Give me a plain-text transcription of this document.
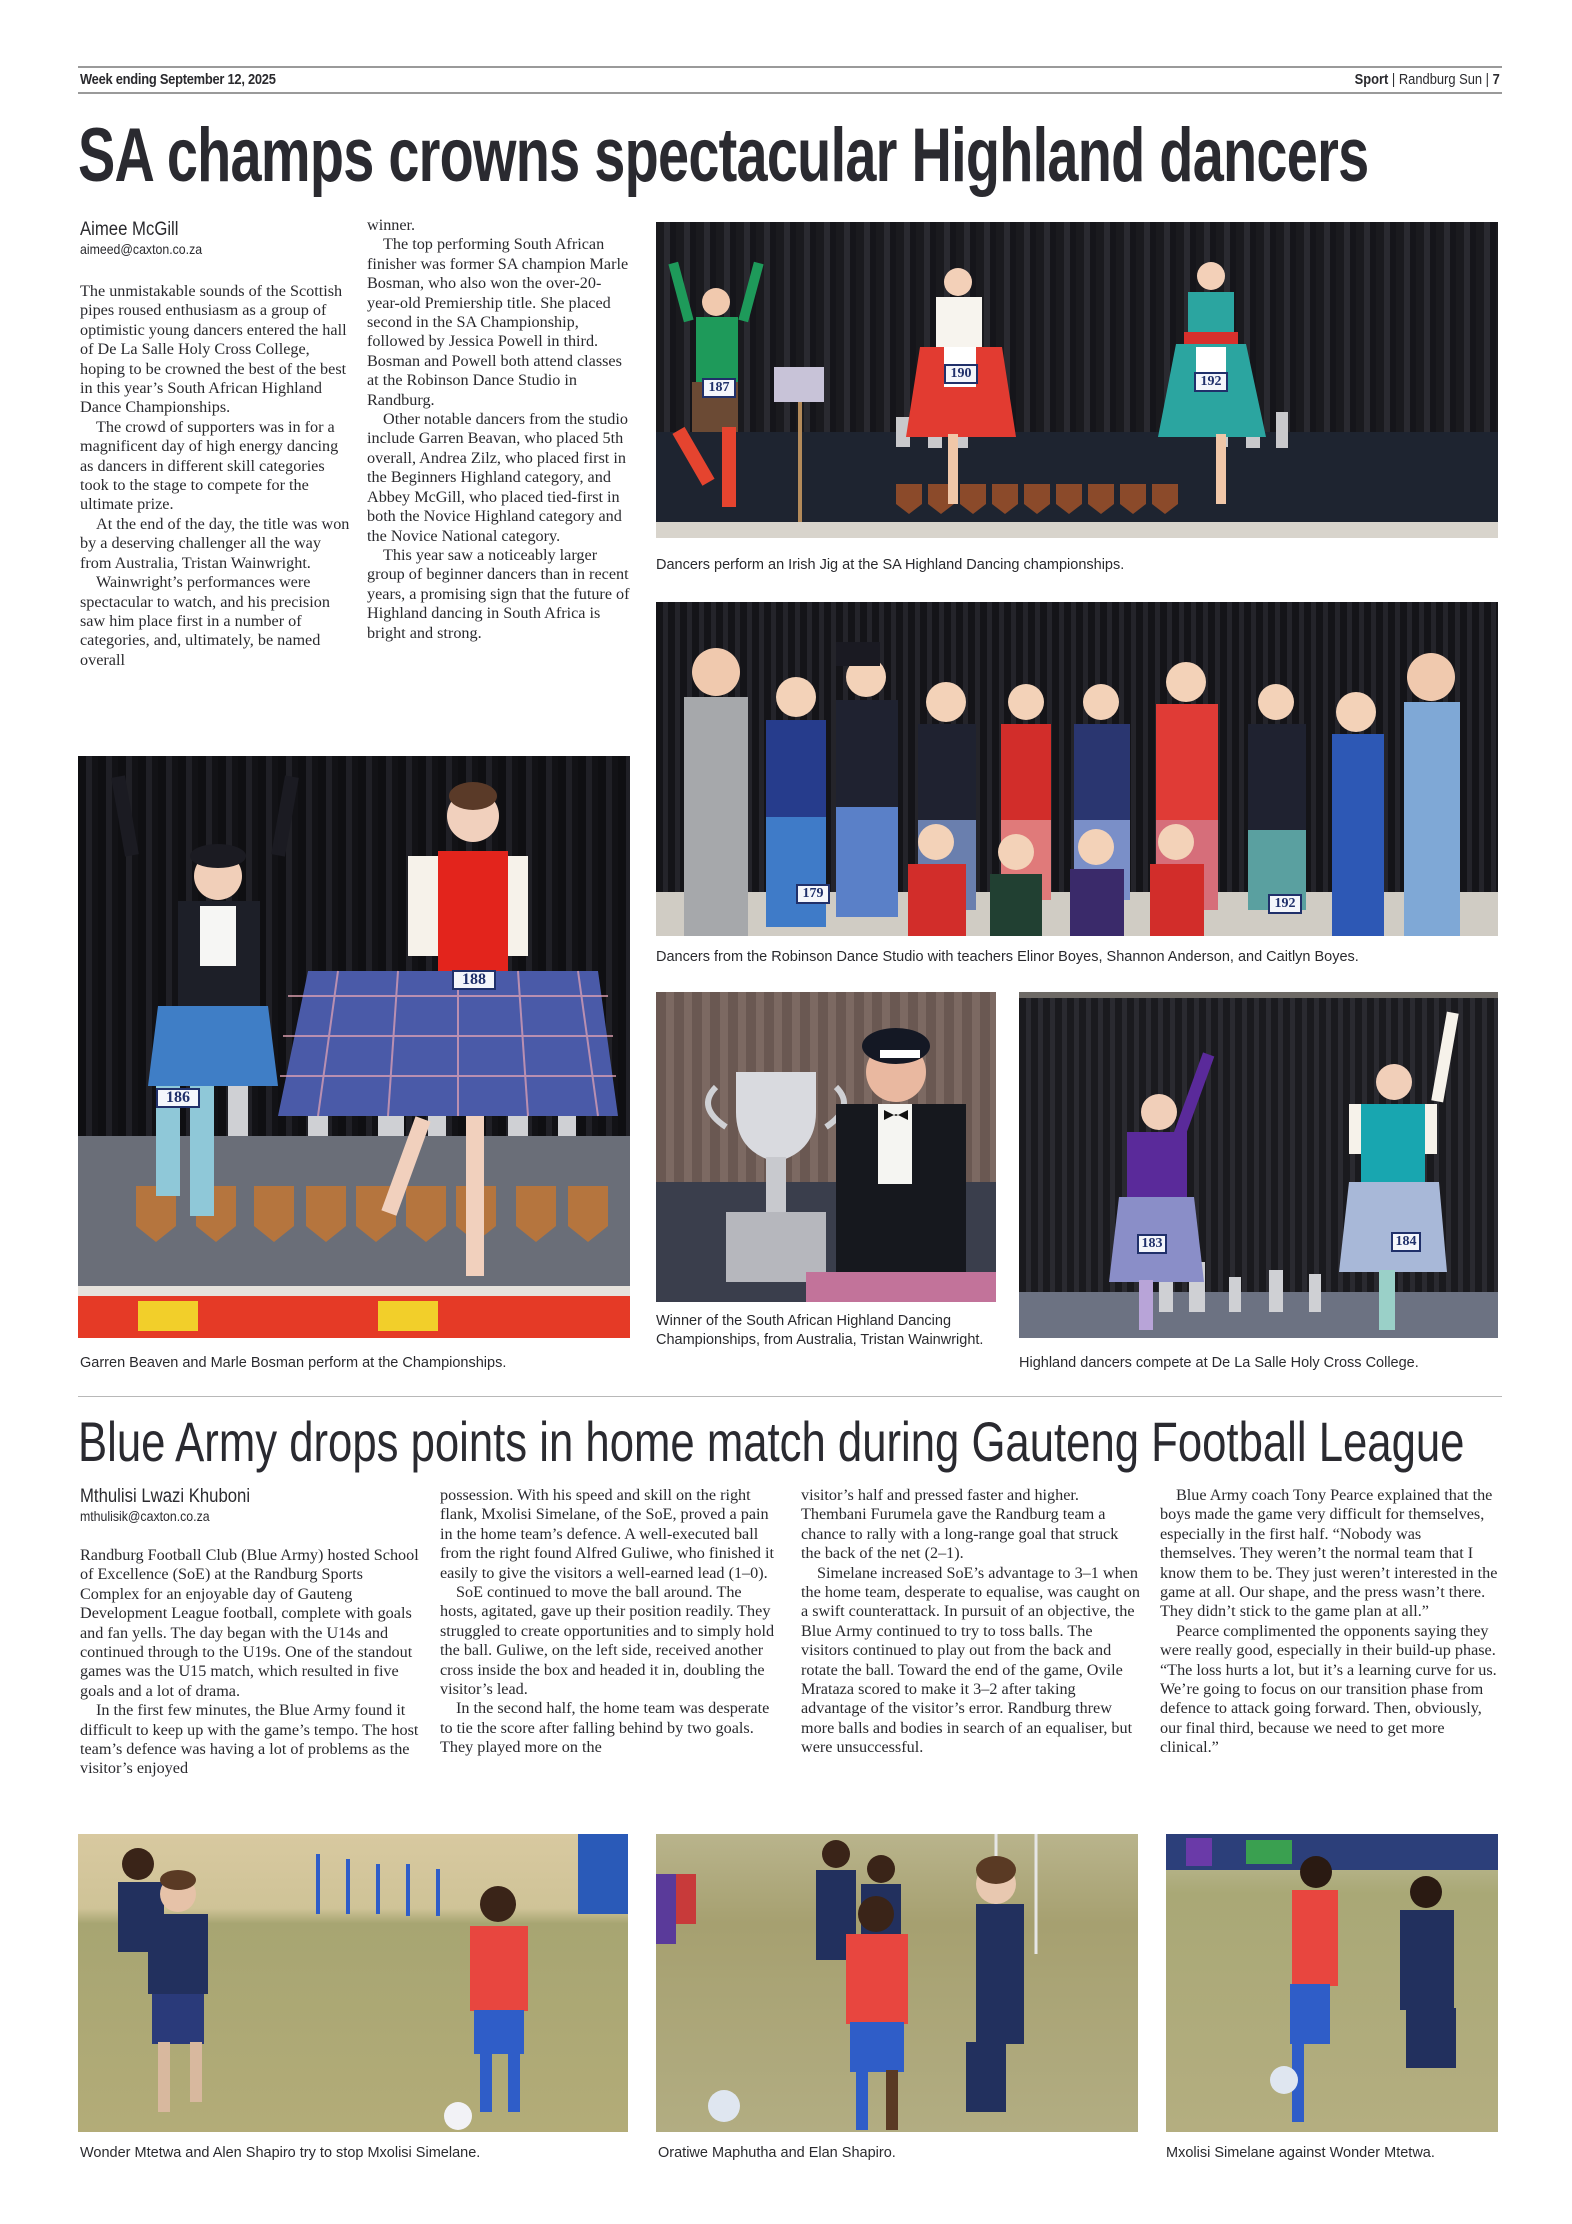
Week ending September 12, 2025	Sport | Randburg Sun | 7
SA champs crowns spectacular Highland dancers
Aimee McGill
aimeed@caxton.co.za

The unmistakable sounds of the Scottish pipes roused enthusiasm as a group of optimistic young dancers entered the hall of De La Salle Holy Cross College, hoping to be crowned the best of the best in this year’s South African Highland Dance Championships.

The crowd of supporters was in for a magnificent day of high energy dancing as dancers in different skill categories took to the stage to compete for the ultimate prize.

At the end of the day, the title was won by a deserving challenger all the way from Australia, Tristan Wainwright.

Wainwright’s performances were spectacular to watch, and his precision saw him place first in a number of categories, and, ultimately, be named overall

winner.

The top performing South African finisher was former SA champion Marle Bosman, who also won the over-20-year-old Premiership title. She placed second in the SA Championship, followed by Jessica Powell in third. Bosman and Powell both attend classes at the Robinson Dance Studio in Randburg.

Other notable dancers from the studio include Garren Beavan, who placed 5th overall, Andrea Zilz, who placed first in the Beginners Highland category, and Abbey McGill, who placed tied-first in both the Novice Highland category and the Novice National category.

This year saw a noticeably larger group of beginner dancers than in recent years, a promising sign that the future of Highland dancing in South Africa is bright and strong.

187
190
192
Dancers perform an Irish Jig at the SA Highland Dancing championships.
179
192
Dancers from the Robinson Dance Studio with teachers Elinor Boyes, Shannon Anderson, and Caitlyn Boyes.
186
188
Garren Beaven and Marle Bosman perform at the Championships.
Winner of the South African Highland Dancing Championships, from Australia, Tristan Wainwright.
183	184
Highland dancers compete at De La Salle Holy Cross College.
Blue Army drops points in home match during Gauteng Football League
Mthulisi Lwazi Khuboni
mthulisik@caxton.co.za

Randburg Football Club (Blue Army) hosted School of Excellence (SoE) at the Randburg Sports Complex for an enjoyable day of Gauteng Development League football, complete with goals and fan yells. The day began with the U14s and continued through to the U19s. One of the standout games was the U15 match, which resulted in five goals and a lot of drama.

In the first few minutes, the Blue Army found it difficult to keep up with the game’s tempo. The host team’s defence was having a lot of problems as the visitor’s enjoyed

possession. With his speed and skill on the right flank, Mxolisi Simelane, of the SoE, proved a pain in the home team’s defence. A well-executed ball from the right found Alfred Guliwe, who finished it easily to give the visitors a well-earned lead (1–0).

SoE continued to move the ball around. The hosts, agitated, gave up their position readily. They struggled to create opportunities and to simply hold the ball. Guliwe, on the left side, received another cross inside the box and headed it in, doubling the visitor’s lead.

In the second half, the home team was desperate to tie the score after falling behind by two goals. They played more on the

visitor’s half and pressed faster and higher. Thembani Furumela gave the Randburg team a chance to rally with a long-range goal that struck the back of the net (2–1).

Simelane increased SoE’s advantage to 3–1 when the home team, desperate to equalise, was caught on a swift counterattack. In pursuit of an objective, the Blue Army continued to try to toss balls. The visitors continued to play out from the back and rotate the ball. Toward the end of the game, Ovile Mrataza scored to make it 3–2 after taking advantage of the visitor’s error. Randburg threw more balls and bodies in search of an equaliser, but were unsuccessful.

Blue Army coach Tony Pearce explained that the boys made the game very difficult for themselves, especially in the first half. “Nobody was themselves. They weren’t the normal team that I know them to be. They just weren’t interested in the game at all. Our shape, and the press wasn’t there. They didn’t stick to the game plan at all.”

Pearce complimented the opponents saying they were really good, especially in their build-up phase. “The loss hurts a lot, but it’s a learning curve for us. We’re going to focus on our transition phase from defence to attack going forward. Then, obviously, our final third, because we need to get more clinical.”

Wonder Mtetwa and Alen Shapiro try to stop Mxolisi Simelane.	Oratiwe Maphutha and Elan Shapiro.	Mxolisi Simelane against Wonder Mtetwa.
